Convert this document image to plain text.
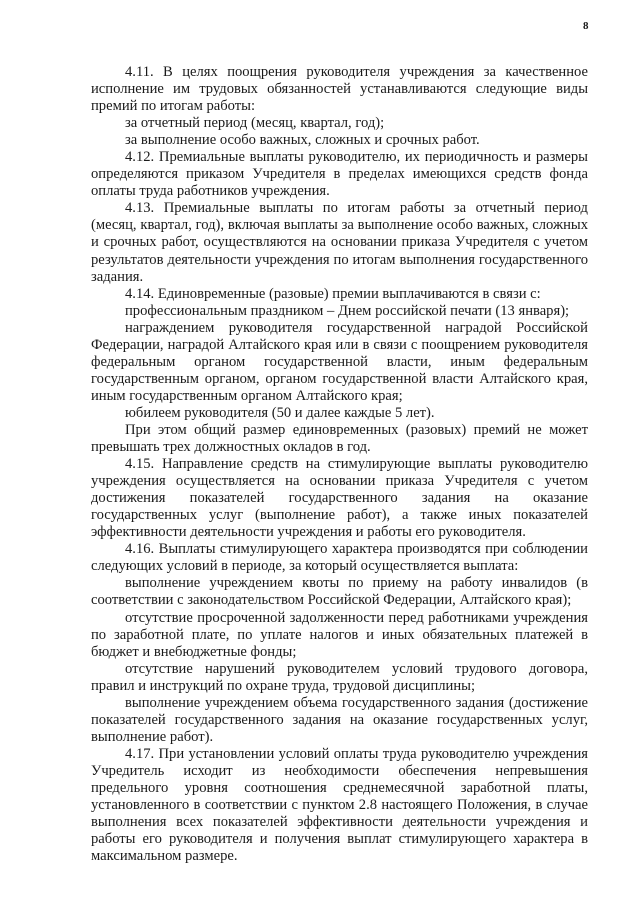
8

4.11. В целях поощрения руководителя учреждения за качественное исполнение им трудовых обязанностей устанавливаются следующие виды премий по итогам работы:

за отчетный период (месяц, квартал, год);

за выполнение особо важных, сложных и срочных работ.

4.12. Премиальные выплаты руководителю, их периодичность и размеры определяются приказом Учредителя в пределах имеющихся средств фонда оплаты труда работников учреждения.

4.13. Премиальные выплаты по итогам работы за отчетный период (месяц, квартал, год), включая выплаты за выполнение особо важных, сложных и срочных работ, осуществляются на основании приказа Учредителя с учетом результатов деятельности учреждения по итогам выполнения государственного задания.

4.14. Единовременные (разовые) премии выплачиваются в связи с:

профессиональным праздником – Днем российской печати (13 января);

награждением руководителя государственной наградой Российской Федерации, наградой Алтайского края или в связи с поощрением руководителя федеральным органом государственной власти, иным федеральным государственным органом, органом государственной власти Алтайского края, иным государственным органом Алтайского края;

юбилеем руководителя (50 и далее каждые 5 лет).

При этом общий размер единовременных (разовых) премий не может превышать трех должностных окладов в год.

4.15. Направление средств на стимулирующие выплаты руководителю учреждения осуществляется на основании приказа Учредителя с учетом достижения показателей государственного задания на оказание государственных услуг (выполнение работ), а также иных показателей эффективности деятельности учреждения и работы его руководителя.

4.16. Выплаты стимулирующего характера производятся при соблюдении следующих условий в периоде, за который осуществляется выплата:

выполнение учреждением квоты по приему на работу инвалидов (в соответствии с законодательством Российской Федерации, Алтайского края);

отсутствие просроченной задолженности перед работниками учреждения по заработной плате, по уплате налогов и иных обязательных платежей в бюджет и внебюджетные фонды;

отсутствие нарушений руководителем условий трудового договора, правил и инструкций по охране труда, трудовой дисциплины;

выполнение учреждением объема государственного задания (достижение показателей государственного задания на оказание государственных услуг, выполнение работ).

4.17. При установлении условий оплаты труда руководителю учреждения Учредитель исходит из необходимости обеспечения непревышения предельного уровня соотношения среднемесячной заработной платы, установленного в соответствии с пунктом 2.8 настоящего Положения, в случае выполнения всех показателей эффективности деятельности учреждения и работы его руководителя и получения выплат стимулирующего характера в максимальном размере.
